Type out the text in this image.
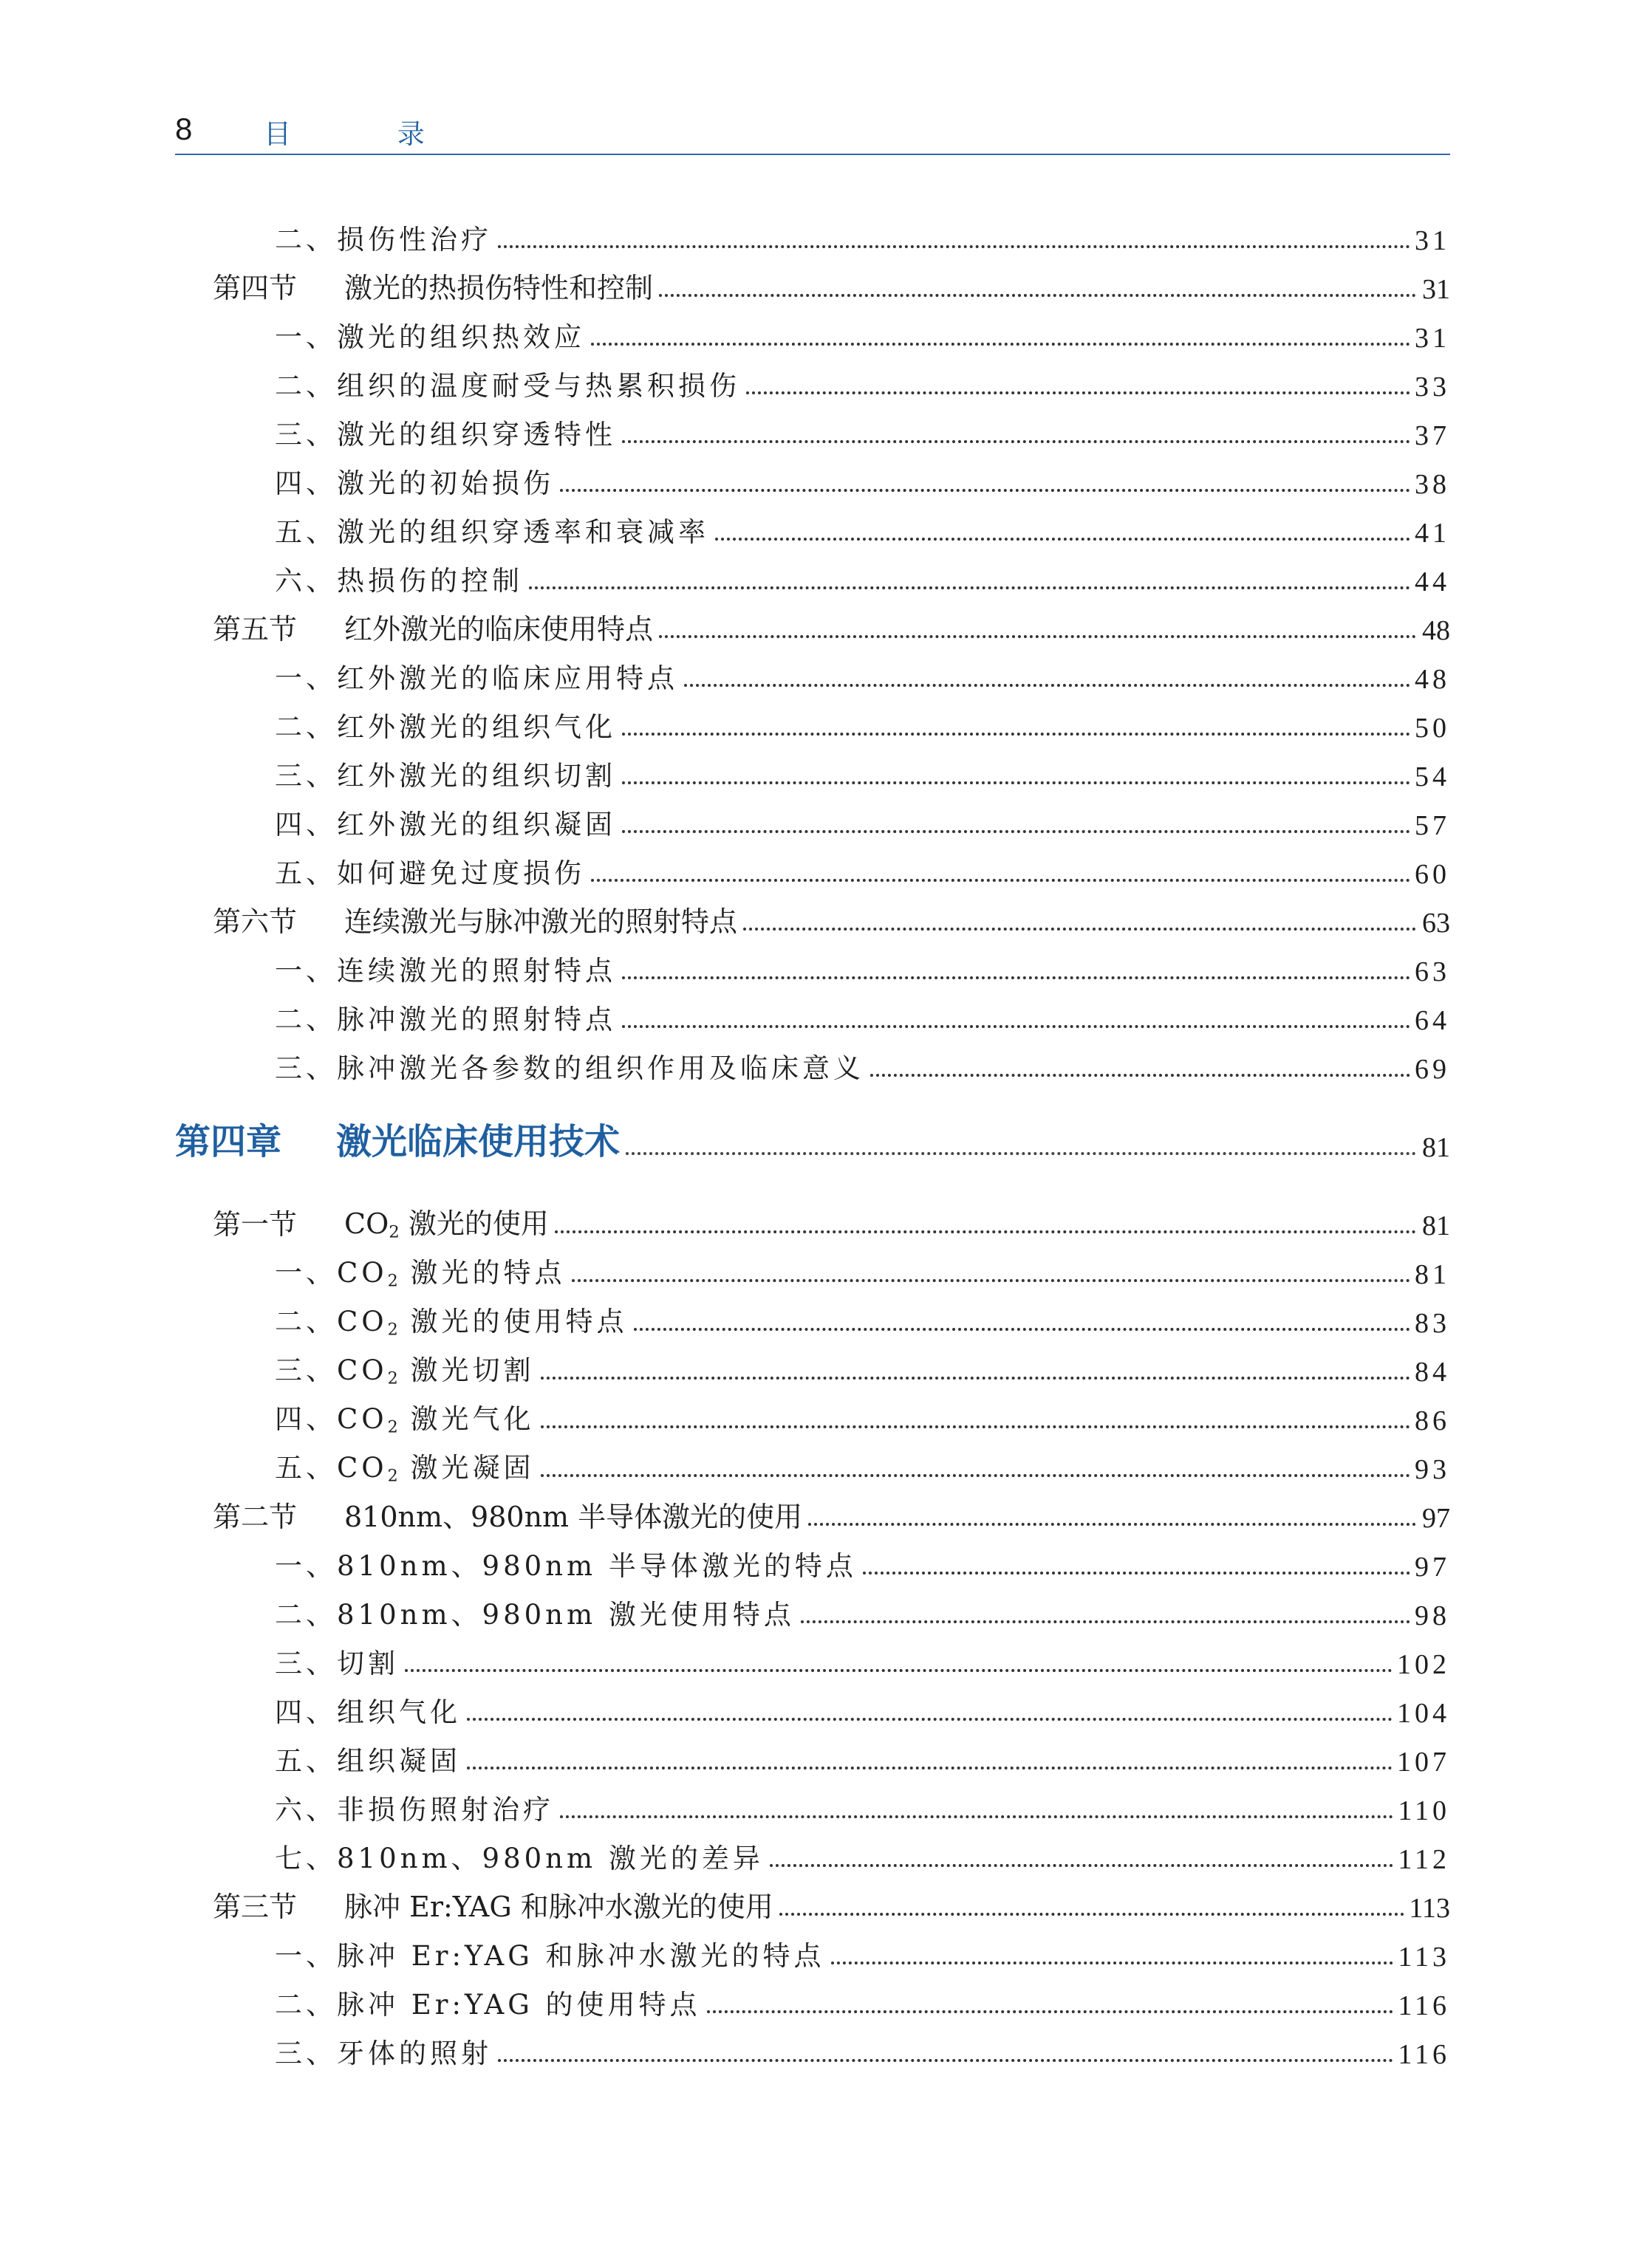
8	目 录
二、损伤性治疗	31
第四节	激光的热损伤特性和控制	31
一、激光的组织热效应	31
二、组织的温度耐受与热累积损伤	33
三、激光的组织穿透特性	37
四、激光的初始损伤	38
五、激光的组织穿透率和衰减率	41
六、热损伤的控制	44
第五节	红外激光的临床使用特点	48
一、红外激光的临床应用特点	48
二、红外激光的组织气化	50
三、红外激光的组织切割	54
四、红外激光的组织凝固	57
五、如何避免过度损伤	60
第六节	连续激光与脉冲激光的照射特点	63
一、连续激光的照射特点	63
二、脉冲激光的照射特点	64
三、脉冲激光各参数的组织作用及临床意义	69
第四章	激光临床使用技术	81
第一节	$CO_2$ 激光的使用	81
一、$CO_2$ 激光的特点	81
二、$CO_2$ 激光的使用特点	83
三、$CO_2$ 激光切割	84
四、$CO_2$ 激光气化	86
五、$CO_2$ 激光凝固	93
第二节	810nm、980nm 半导体激光的使用	97
一、810nm、980nm 半导体激光的特点	97
二、810nm、980nm 激光使用特点	98
三、切割	102
四、组织气化	104
五、组织凝固	107
六、非损伤照射治疗	110
七、810nm、980nm 激光的差异	112
第三节	脉冲 Er:YAG 和脉冲水激光的使用	113
一、脉冲 Er:YAG 和脉冲水激光的特点	113
二、脉冲 Er:YAG 的使用特点	116
三、牙体的照射	116
